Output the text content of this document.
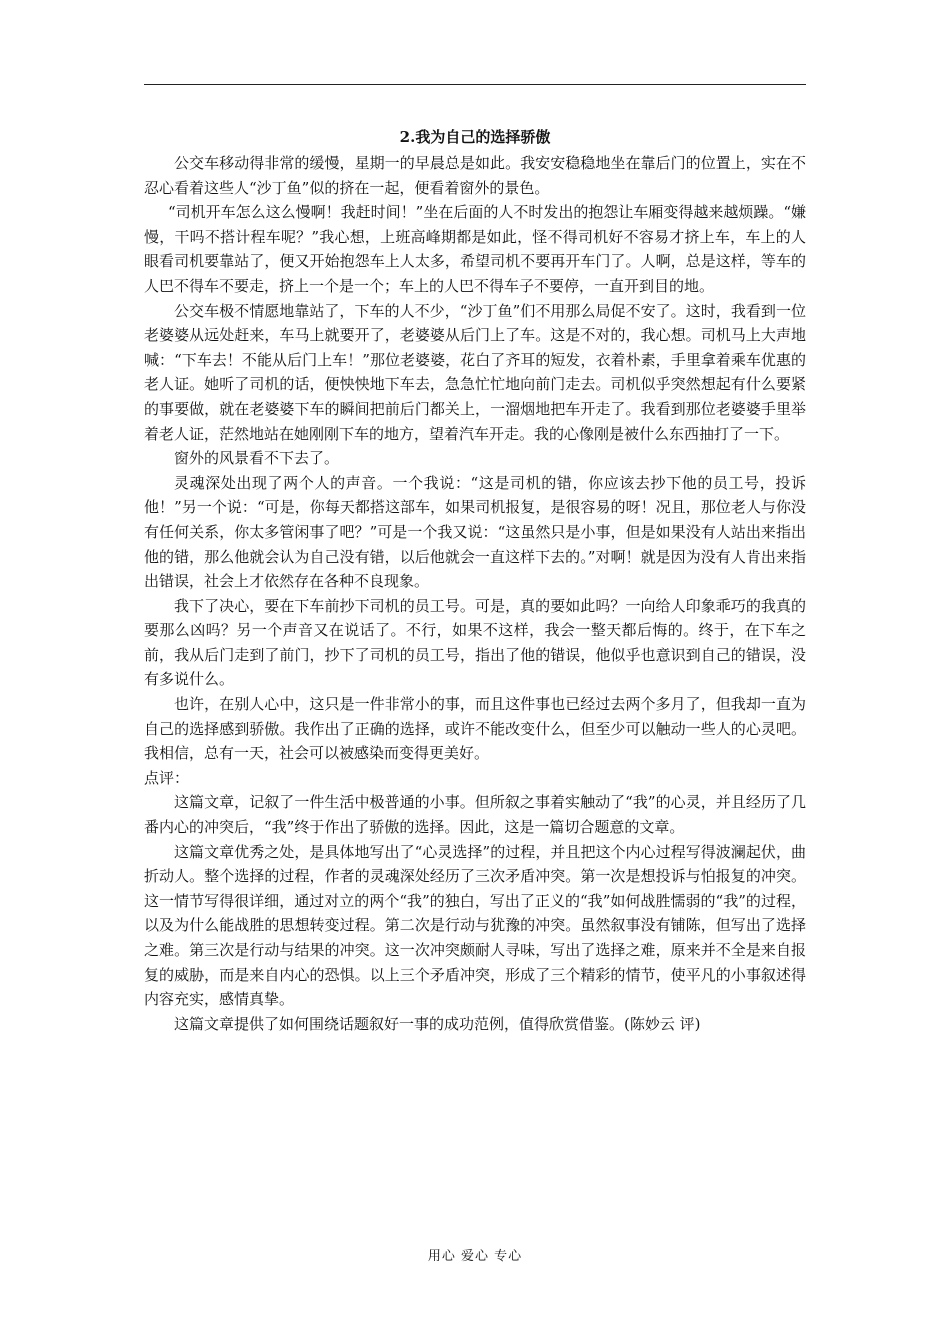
2.我为自己的选择骄傲

公交车移动得非常的缓慢，星期一的早晨总是如此。我安安稳稳地坐在靠后门的位置上，实在不忍心看着这些人“沙丁鱼”似的挤在一起，便看着窗外的景色。

“司机开车怎么这么慢啊！我赶时间！”坐在后面的人不时发出的抱怨让车厢变得越来越烦躁。“嫌慢，干吗不搭计程车呢？”我心想，上班高峰期都是如此，怪不得司机好不容易才挤上车，车上的人眼看司机要靠站了，便又开始抱怨车上人太多，希望司机不要再开车门了。人啊，总是这样，等车的人巴不得车不要走，挤上一个是一个；车上的人巴不得车子不要停，一直开到目的地。

公交车极不情愿地靠站了，下车的人不少，“沙丁鱼”们不用那么局促不安了。这时，我看到一位老婆婆从远处赶来，车马上就要开了，老婆婆从后门上了车。这是不对的，我心想。司机马上大声地喊：“下车去！不能从后门上车！”那位老婆婆，花白了齐耳的短发，衣着朴素，手里拿着乘车优惠的老人证。她听了司机的话，便怏怏地下车去，急急忙忙地向前门走去。司机似乎突然想起有什么要紧的事要做，就在老婆婆下车的瞬间把前后门都关上，一溜烟地把车开走了。我看到那位老婆婆手里举着老人证，茫然地站在她刚刚下车的地方，望着汽车开走。我的心像刚是被什么东西抽打了一下。

窗外的风景看不下去了。

灵魂深处出现了两个人的声音。一个我说：“这是司机的错，你应该去抄下他的员工号，投诉他！”另一个说：“可是，你每天都搭这部车，如果司机报复，是很容易的呀！况且，那位老人与你没有任何关系，你太多管闲事了吧？”可是一个我又说：“这虽然只是小事，但是如果没有人站出来指出他的错，那么他就会认为自己没有错，以后他就会一直这样下去的。”对啊！就是因为没有人肯出来指出错误，社会上才依然存在各种不良现象。

我下了决心，要在下车前抄下司机的员工号。可是，真的要如此吗？一向给人印象乖巧的我真的要那么凶吗？另一个声音又在说话了。不行，如果不这样，我会一整天都后悔的。终于，在下车之前，我从后门走到了前门，抄下了司机的员工号，指出了他的错误，他似乎也意识到自己的错误，没有多说什么。

也许，在别人心中，这只是一件非常小的事，而且这件事也已经过去两个多月了，但我却一直为自己的选择感到骄傲。我作出了正确的选择，或许不能改变什么，但至少可以触动一些人的心灵吧。我相信，总有一天，社会可以被感染而变得更美好。

点评：

这篇文章，记叙了一件生活中极普通的小事。但所叙之事着实触动了“我”的心灵，并且经历了几番内心的冲突后，“我”终于作出了骄傲的选择。因此，这是一篇切合题意的文章。

这篇文章优秀之处，是具体地写出了“心灵选择”的过程，并且把这个内心过程写得波澜起伏，曲折动人。整个选择的过程，作者的灵魂深处经历了三次矛盾冲突。第一次是想投诉与怕报复的冲突。这一情节写得很详细，通过对立的两个“我”的独白，写出了正义的“我”如何战胜懦弱的“我”的过程，以及为什么能战胜的思想转变过程。第二次是行动与犹豫的冲突。虽然叙事没有铺陈，但写出了选择之难。第三次是行动与结果的冲突。这一次冲突颇耐人寻味，写出了选择之难，原来并不全是来自报复的威胁，而是来自内心的恐惧。以上三个矛盾冲突，形成了三个精彩的情节，使平凡的小事叙述得内容充实，感情真挚。

这篇文章提供了如何围绕话题叙好一事的成功范例，值得欣赏借鉴。(陈妙云 评)

用心 爱心 专心
